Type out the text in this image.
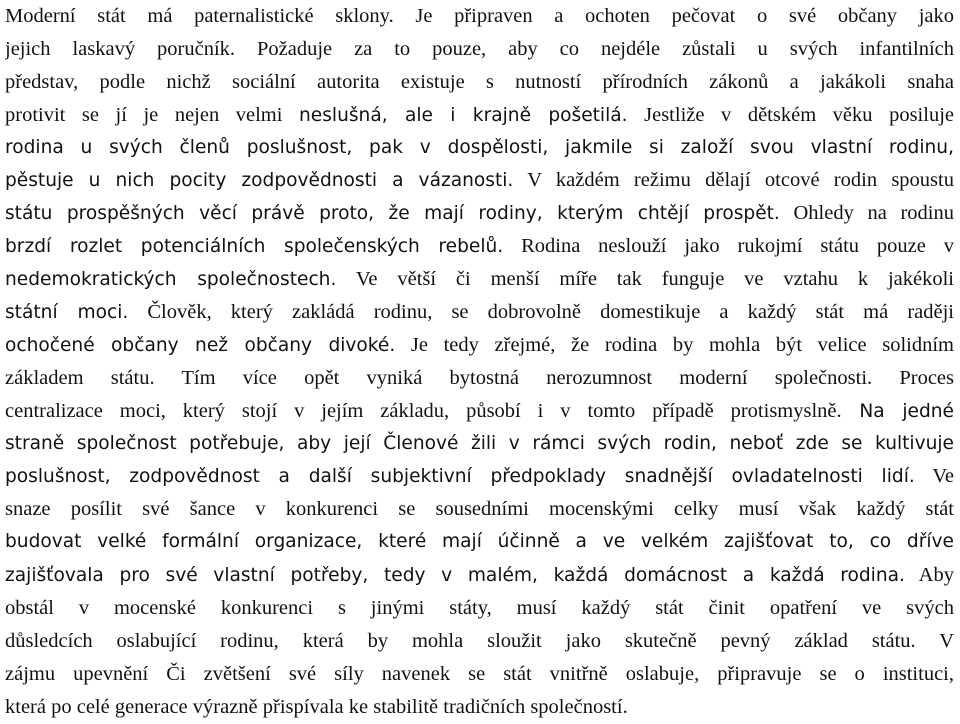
Moderní stát má paternalistické sklony. Je připraven a ochoten pečovat o své občany jako
jejich laskavý poručník. Požaduje za to pouze, aby co nejdéle zůstali u svých infantilních
představ, podle nichž sociální autorita existuje s nutností přírodních zákonů a jakákoli snaha
protivit se jí je nejen velmi neslušná, ale i krajně pošetilá. Jestliže v dětském věku posiluje
rodina u svých členů poslušnost, pak v dospělosti, jakmile si založí svou vlastní rodinu,
pěstuje u nich pocity zodpovědnosti a vázanosti. V každém režimu dělají otcové rodin spoustu
státu prospěšných věcí právě proto, že mají rodiny, kterým chtějí prospět. Ohledy na rodinu
brzdí rozlet potenciálních společenských rebelů. Rodina neslouží jako rukojmí státu pouze v
nedemokratických společnostech. Ve větší či menší míře tak funguje ve vztahu k jakékoli
státní moci. Člověk, který zakládá rodinu, se dobrovolně domestikuje a každý stát má raději
ochočené občany než občany divoké. Je tedy zřejmé, že rodina by mohla být velice solidním
základem státu. Tím více opět vyniká bytostná nerozumnost moderní společnosti. Proces
centralizace moci, který stojí v jejím základu, působí i v tomto případě protismyslně. Na jedné
straně společnost potřebuje, aby její Členové žili v rámci svých rodin, neboť zde se kultivuje
poslušnost, zodpovědnost a další subjektivní předpoklady snadnější ovladatelnosti lidí. Ve
snaze posílit své šance v konkurenci se sousedními mocenskými celky musí však každý stát
budovat velké formální organizace, které mají účinně a ve velkém zajišťovat to, co dříve
zajišťovala pro své vlastní potřeby, tedy v malém, každá domácnost a každá rodina. Aby
obstál v mocenské konkurenci s jinými státy, musí každý stát činit opatření ve svých
důsledcích oslabující rodinu, která by mohla sloužit jako skutečně pevný základ státu. V
zájmu upevnění Či zvětšení své síly navenek se stát vnitřně oslabuje, připravuje se o instituci,
která po celé generace výrazně přispívala ke stabilitě tradičních společností.
